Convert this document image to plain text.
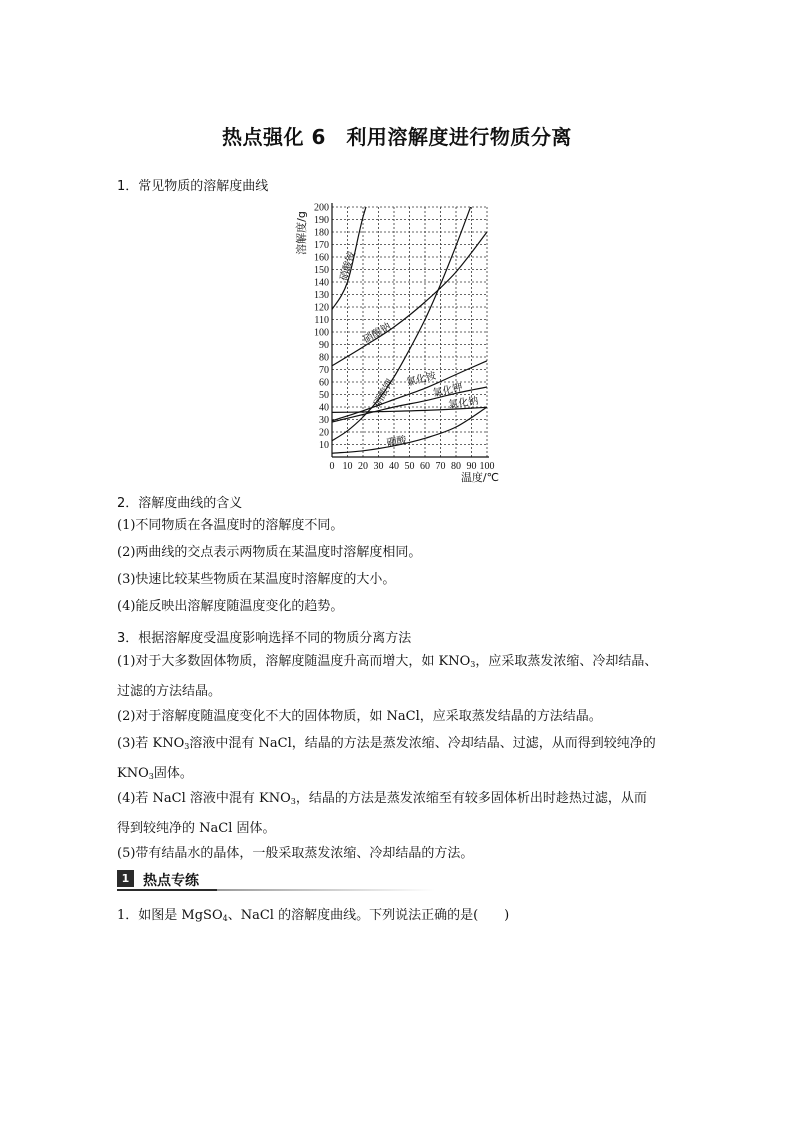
热点强化 6　利用溶解度进行物质分离
1．常见物质的溶解度曲线
0 10 20 30 40 50 60 70 80 90 100
10
20
30
40
50
60
70
80
90
100
110
120
130
140
150
160
170
180
190
200
温度/℃
溶解度/g
硝酸铵
硝酸钠
硝酸钾 氯化铵
氯化钾
氯化钠
硼酸
2．溶解度曲线的含义
(1)不同物质在各温度时的溶解度不同。
(2)两曲线的交点表示两物质在某温度时溶解度相同。
(3)快速比较某些物质在某温度时溶解度的大小。
(4)能反映出溶解度随温度变化的趋势。
3．根据溶解度受温度影响选择不同的物质分离方法
(1)对于大多数固体物质，溶解度随温度升高而增大，如 $KNO_3$，应采取蒸发浓缩、冷却结晶、
过滤的方法结晶。
(2)对于溶解度随温度变化不大的固体物质，如 NaCl，应采取蒸发结晶的方法结晶。
(3)若 $KNO_3$溶液中混有 NaCl，结晶的方法是蒸发浓缩、冷却结晶、过滤，从而得到较纯净的
$KNO_3$固体。
(4)若 NaCl 溶液中混有 $KNO_3$，结晶的方法是蒸发浓缩至有较多固体析出时趁热过滤，从而
得到较纯净的 NaCl 固体。
(5)带有结晶水的晶体，一般采取蒸发浓缩、冷却结晶的方法。
1 热点专练
1．如图是 MgSO$_4$、NaCl 的溶解度曲线。下列说法正确的是(　　)
